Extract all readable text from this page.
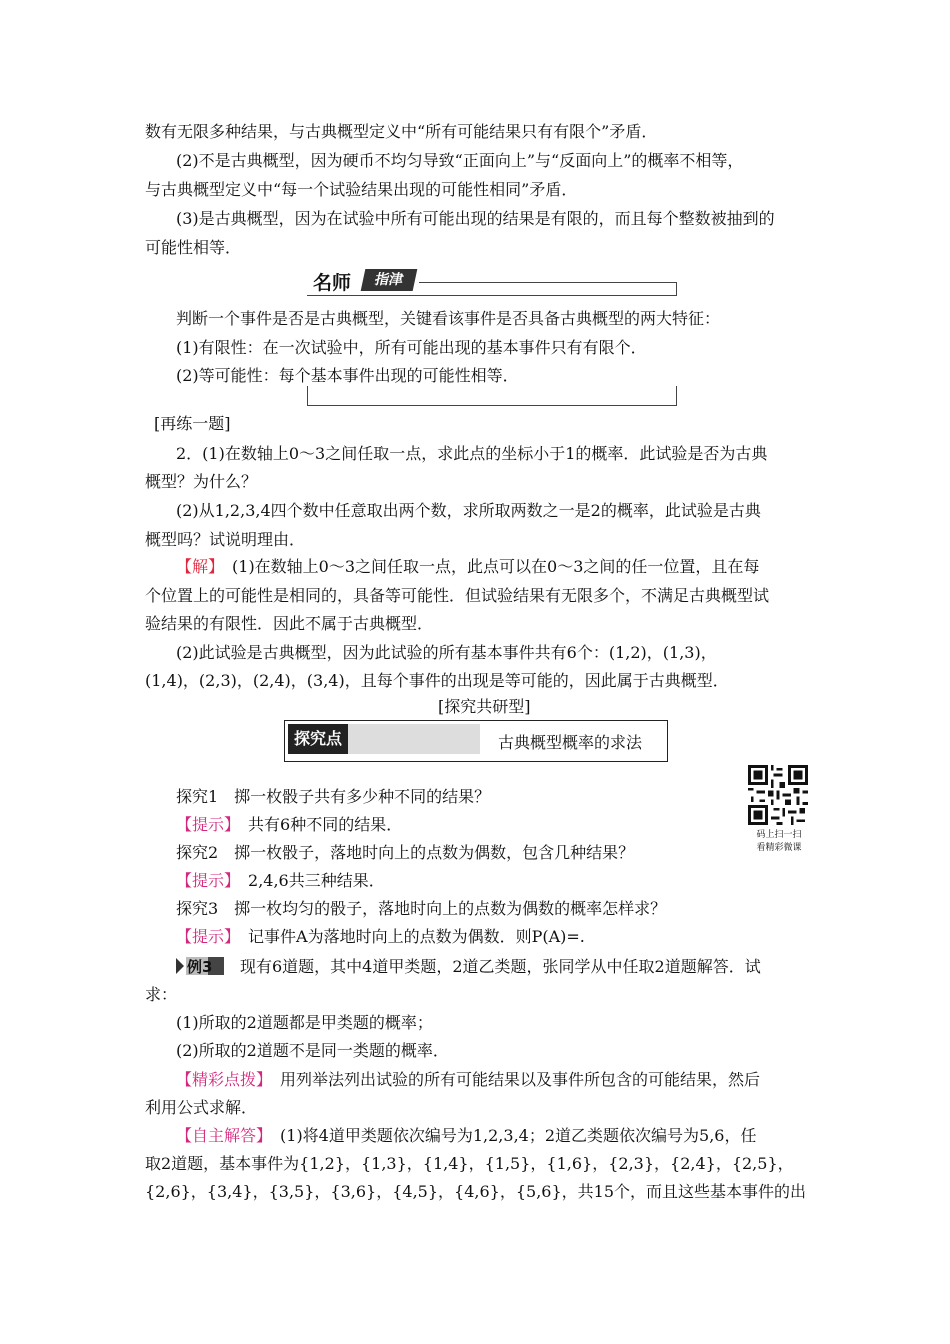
数有无限多种结果，与古典概型定义中“所有可能结果只有有限个”矛盾．
(2)不是古典概型，因为硬币不均匀导致“正面向上”与“反面向上”的概率不相等，
与古典概型定义中“每一个试验结果出现的可能性相同”矛盾．
(3)是古典概型，因为在试验中所有可能出现的结果是有限的，而且每个整数被抽到的
可能性相等．
名师	指津
判断一个事件是否是古典概型，关键看该事件是否具备古典概型的两大特征：
(1)有限性：在一次试验中，所有可能出现的基本事件只有有限个．
(2)等可能性：每个基本事件出现的可能性相等．
[再练一题]
2．(1)在数轴上0～3之间任取一点，求此点的坐标小于1的概率．此试验是否为古典
概型？为什么？
(2)从1,2,3,4四个数中任意取出两个数，求所取两数之一是2的概率，此试验是古典
概型吗？试说明理由．
【解】　(1)在数轴上0～3之间任取一点，此点可以在0～3之间的任一位置，且在每
个位置上的可能性是相同的，具备等可能性．但试验结果有无限多个，不满足古典概型试
验结果的有限性．因此不属于古典概型．
(2)此试验是古典概型，因为此试验的所有基本事件共有6个：(1,2)，(1,3)，
(1,4)，(2,3)，(2,4)，(3,4)，且每个事件的出现是等可能的，因此属于古典概型．
[探究共研型]
探究点	古典概型概率的求法
码上扫一扫
看精彩微课
探究1　掷一枚骰子共有多少种不同的结果？
【提示】　共有6种不同的结果．
探究2　掷一枚骰子，落地时向上的点数为偶数，包含几种结果？
【提示】　2,4,6共三种结果．
探究3　掷一枚均匀的骰子，落地时向上的点数为偶数的概率怎样求？
【提示】　记事件A为落地时向上的点数为偶数．则P(A)=.
例3 现有6道题，其中4道甲类题，2道乙类题，张同学从中任取2道题解答．试
求：
(1)所取的2道题都是甲类题的概率；
(2)所取的2道题不是同一类题的概率．
【精彩点拨】　用列举法列出试验的所有可能结果以及事件所包含的可能结果，然后
利用公式求解．
【自主解答】　(1)将4道甲类题依次编号为1,2,3,4；2道乙类题依次编号为5,6，任
取2道题，基本事件为{1,2}，{1,3}，{1,4}，{1,5}，{1,6}，{2,3}，{2,4}，{2,5}，
{2,6}，{3,4}，{3,5}，{3,6}，{4,5}，{4,6}，{5,6}，共15个，而且这些基本事件的出
